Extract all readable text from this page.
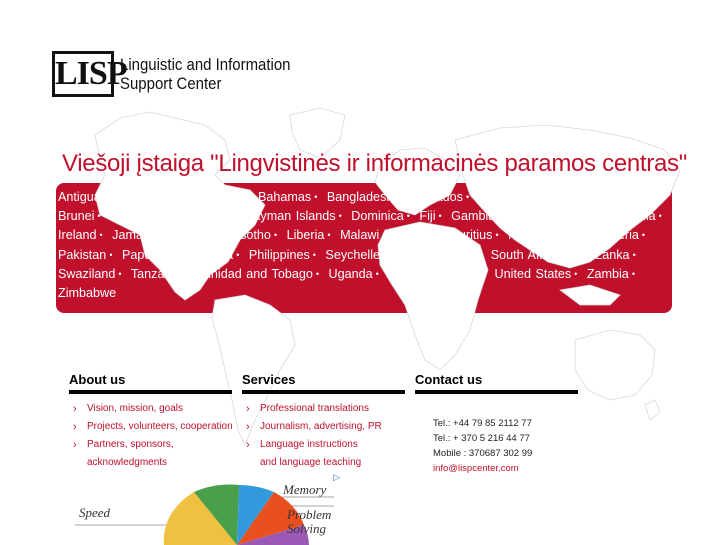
LISP
Linguistic and Information
Support Center
Viešoji įstaiga "Lingvistinės ir informacinės paramos centras"
Antigua and Barbuda • Australia • Bahamas • Bangladesh • Barbados • Belize • Bermuda • Botswana • Brunei • Cameroon • Canada • Cayman Islands • Dominica • Fiji • Gambia • Ghana • Gibraltar • India • Ireland • Jamaica • Kenya • Lesotho • Liberia • Malawi • Malta • Mauritius • New Zealand • Nigeria • Pakistan • Papua New Guinea • Philippines • Seychelles • Sierra Leone • South Africa • Sri Lanka • Swaziland • Tanzania • Trinidad and Tobago • Uganda • United Kingdom • United States • Zambia • Zimbabwe
About us
› Vision, mission, goals
› Projects, volunteers, cooperation
› Partners, sponsors,
acknowledgments
Services
› Professional translations
› Journalism, advertising, PR
› Language instructions
and language teaching
Contact us
Tel.: +44 79 85 2112 77
Tel.: + 370 5 216 44 77
Mobile : 370687 302 99
info@lispcenter.com
Speed
Memory
Problem
Solving
▷
